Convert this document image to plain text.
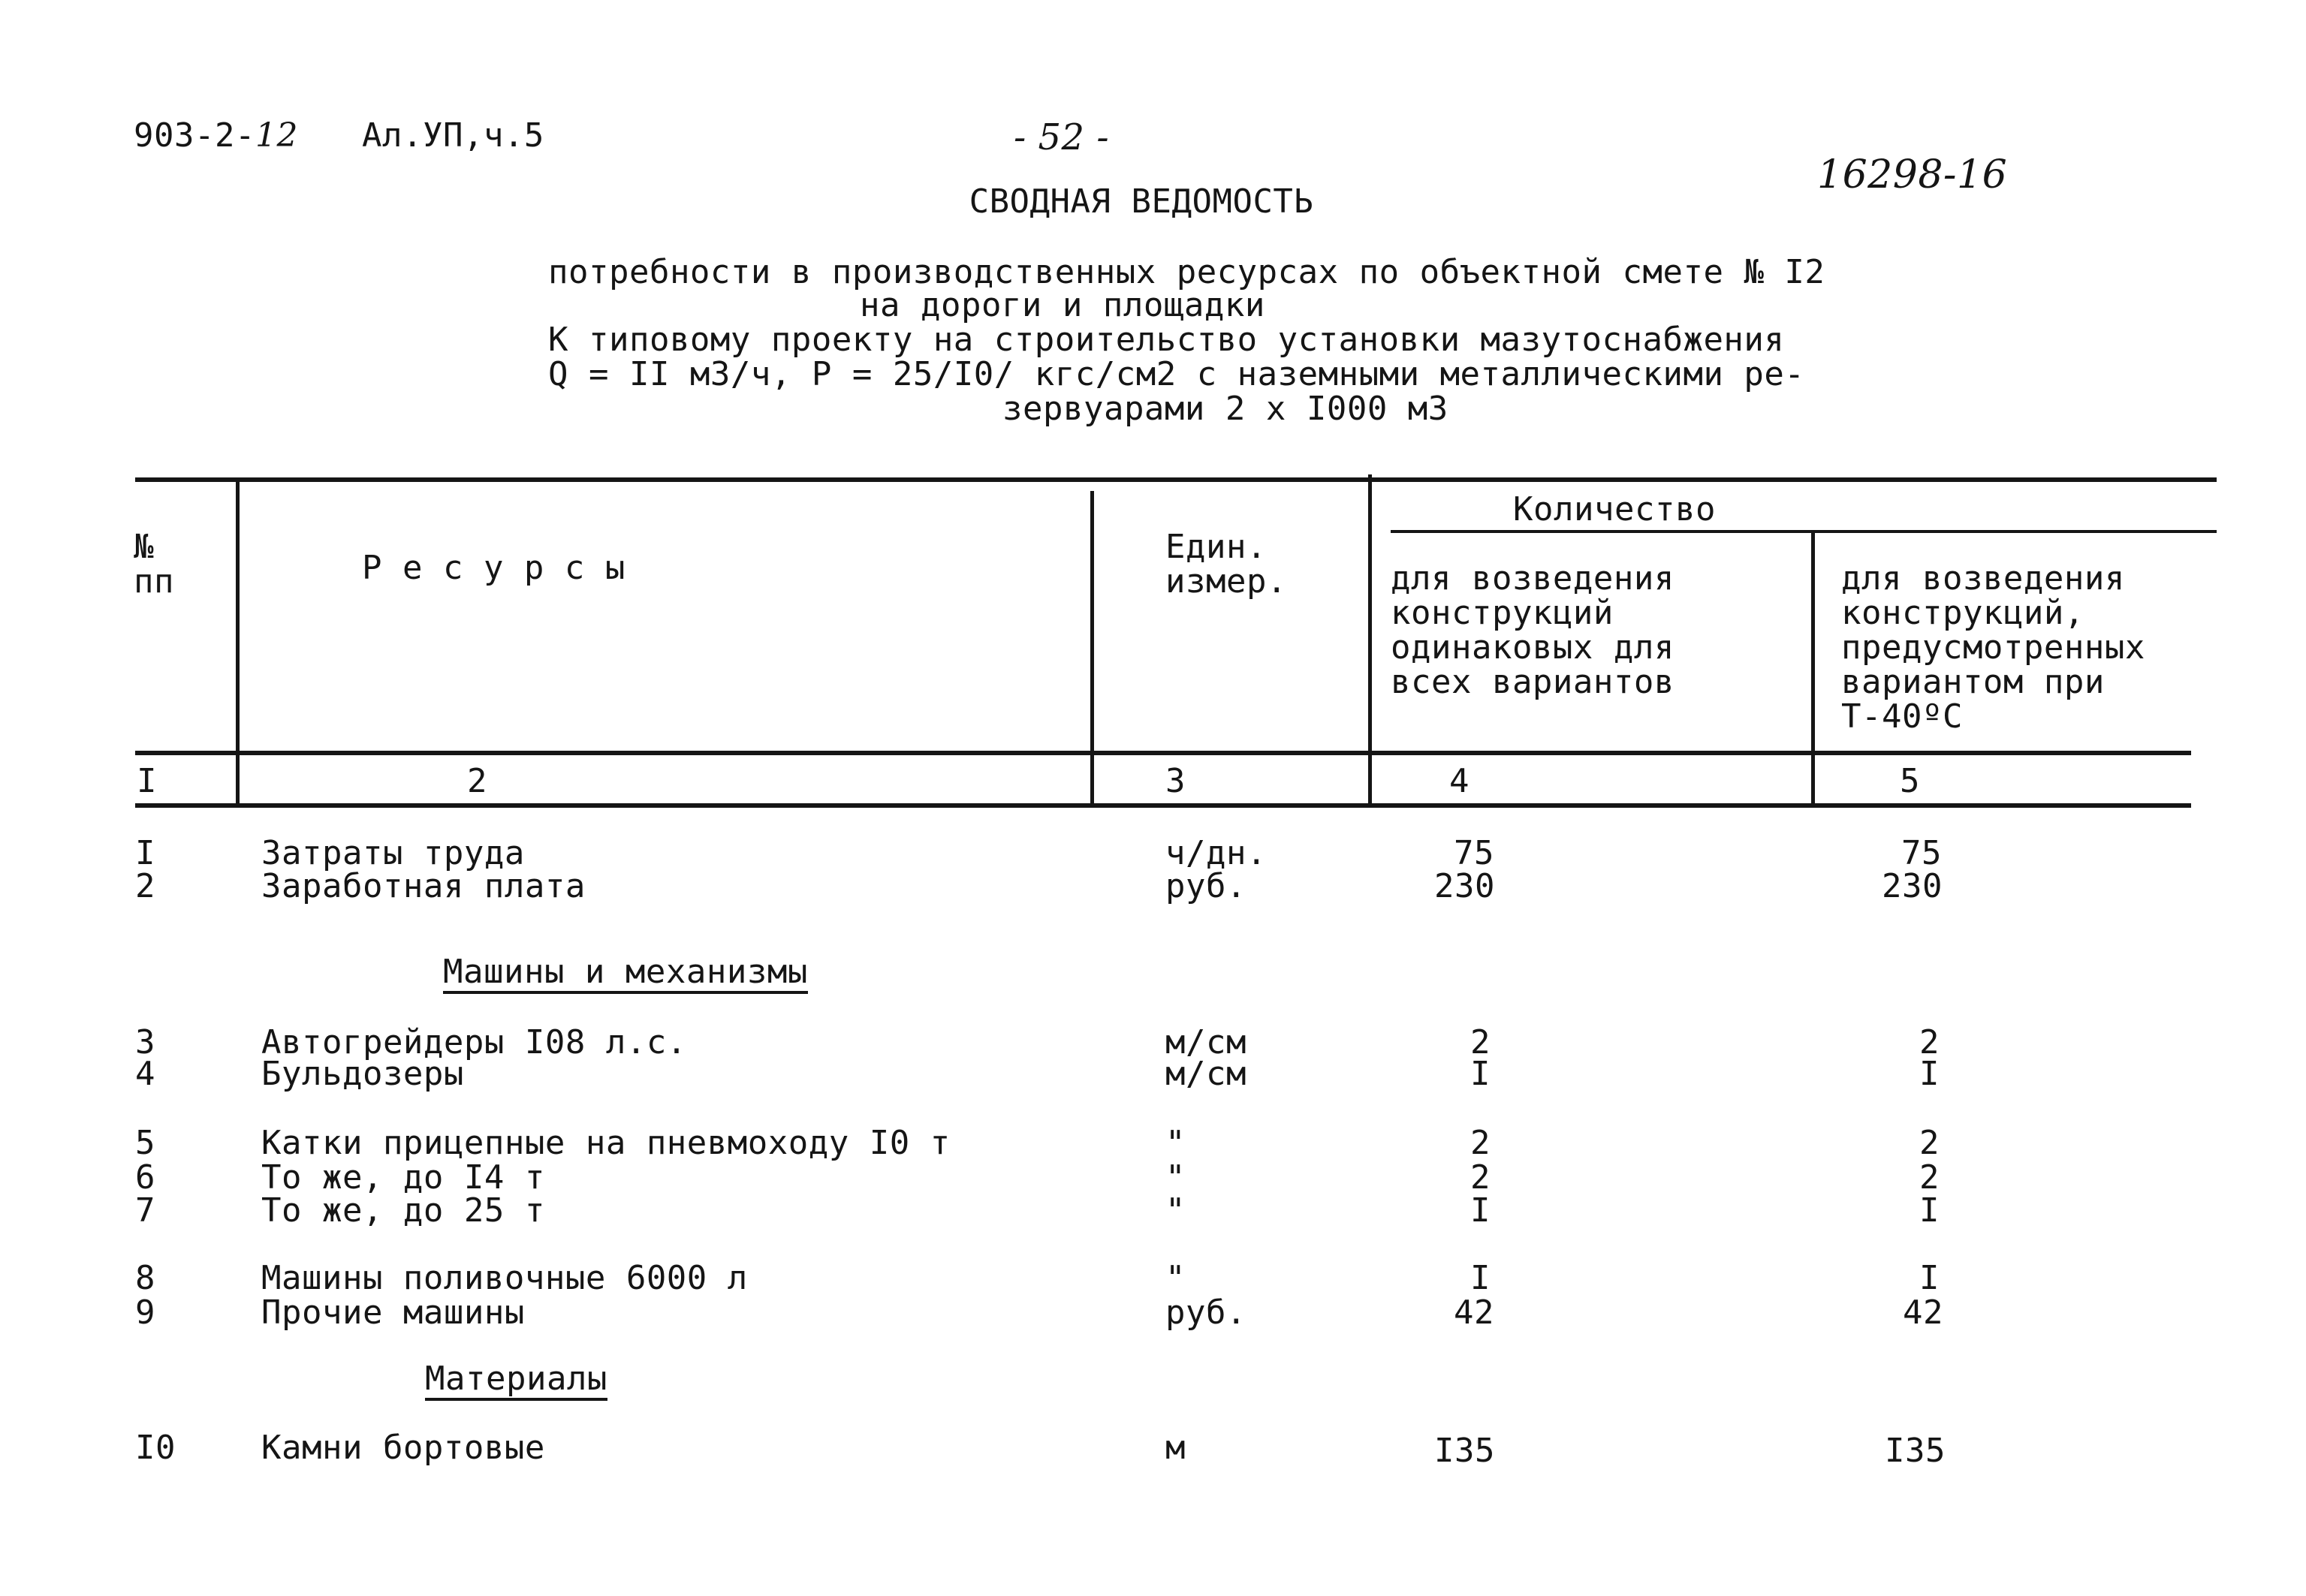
903-2-12 Ал.УП,ч.5	- 52 -
16298-16
СВОДНАЯ ВЕДОМОСТЬ
потребности в производственных ресурсах по объектной смете № I2
на дороги и площадки
К типовому проекту на строительство установки мазутоснабжения
Q = II м3/ч, P = 25/I0/ кгс/см2 с наземными металлическими ре-
зервуарами 2 х I000 м3
№
пп	Р е с у р с ы
Един.
измер.
Количество
для возведения
конструкций
одинаковых для
всех вариантов
для возведения
конструкций,
предусмотренных
вариантом при
Т-40ºС
I	2	3	4	5
I	Затраты труда	ч/дн.	75	75
2	Заработная плата	руб.	230	230
Машины и механизмы
3	Автогрейдеры I08 л.с.	м/см	2	2
4	Бульдозеры	м/см	I	I
5	Катки прицепные на пневмоходу I0 т	"	2	2
6	То же, до I4 т	"	2	2
7	То же, до 25 т	"	I	I
8	Машины поливочные 6000 л	"	I	I
9	Прочие машины	руб.	42	42
Материалы
I0	Камни бортовые	м	I35	I35
